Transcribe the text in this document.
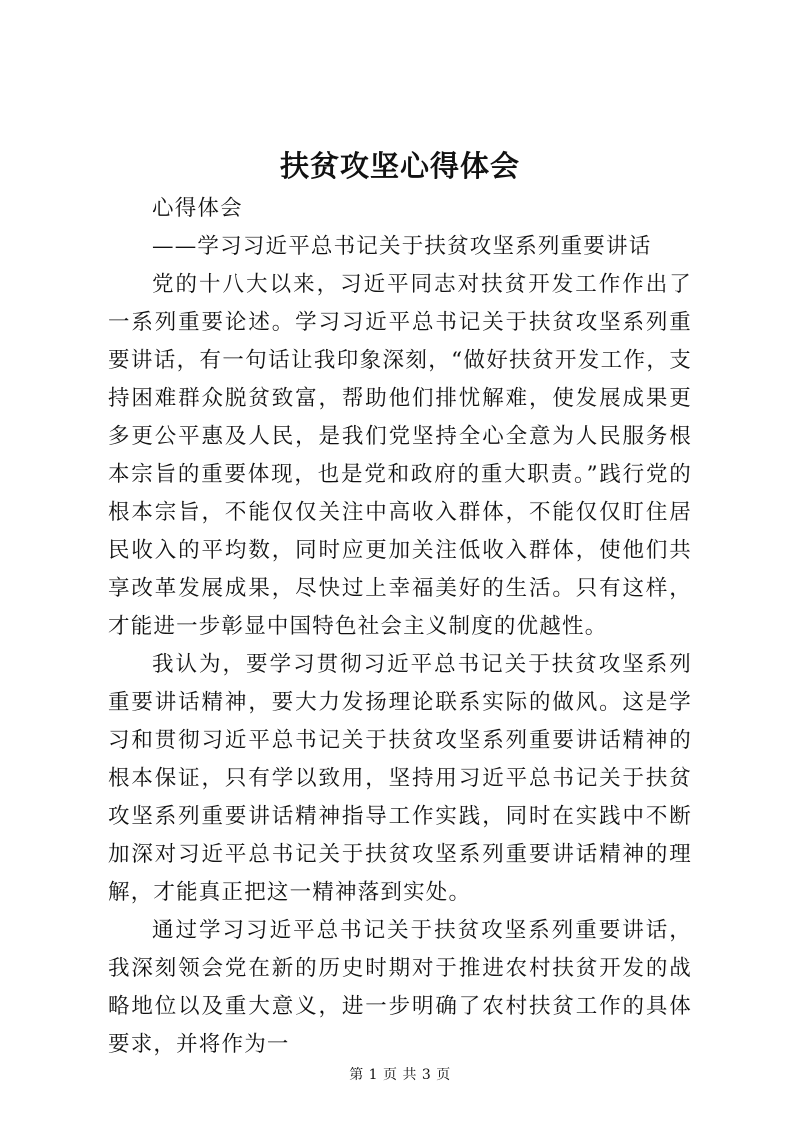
扶贫攻坚心得体会

心得体会

——学习习近平总书记关于扶贫攻坚系列重要讲话

党的十八大以来，习近平同志对扶贫开发工作作出了一系列重要论述。学习习近平总书记关于扶贫攻坚系列重要讲话，有一句话让我印象深刻，“做好扶贫开发工作，支持困难群众脱贫致富，帮助他们排忧解难，使发展成果更多更公平惠及人民，是我们党坚持全心全意为人民服务根本宗旨的重要体现，也是党和政府的重大职责。”践行党的根本宗旨，不能仅仅关注中高收入群体，不能仅仅盯住居民收入的平均数，同时应更加关注低收入群体，使他们共享改革发展成果，尽快过上幸福美好的生活。只有这样，才能进一步彰显中国特色社会主义制度的优越性。

我认为，要学习贯彻习近平总书记关于扶贫攻坚系列重要讲话精神，要大力发扬理论联系实际的做风。这是学习和贯彻习近平总书记关于扶贫攻坚系列重要讲话精神的根本保证，只有学以致用，坚持用习近平总书记关于扶贫攻坚系列重要讲话精神指导工作实践，同时在实践中不断加深对习近平总书记关于扶贫攻坚系列重要讲话精神的理解，才能真正把这一精神落到实处。

通过学习习近平总书记关于扶贫攻坚系列重要讲话，我深刻领会党在新的历史时期对于推进农村扶贫开发的战略地位以及重大意义，进一步明确了农村扶贫工作的具体要求，并将作为一

第 1 页 共 3 页
